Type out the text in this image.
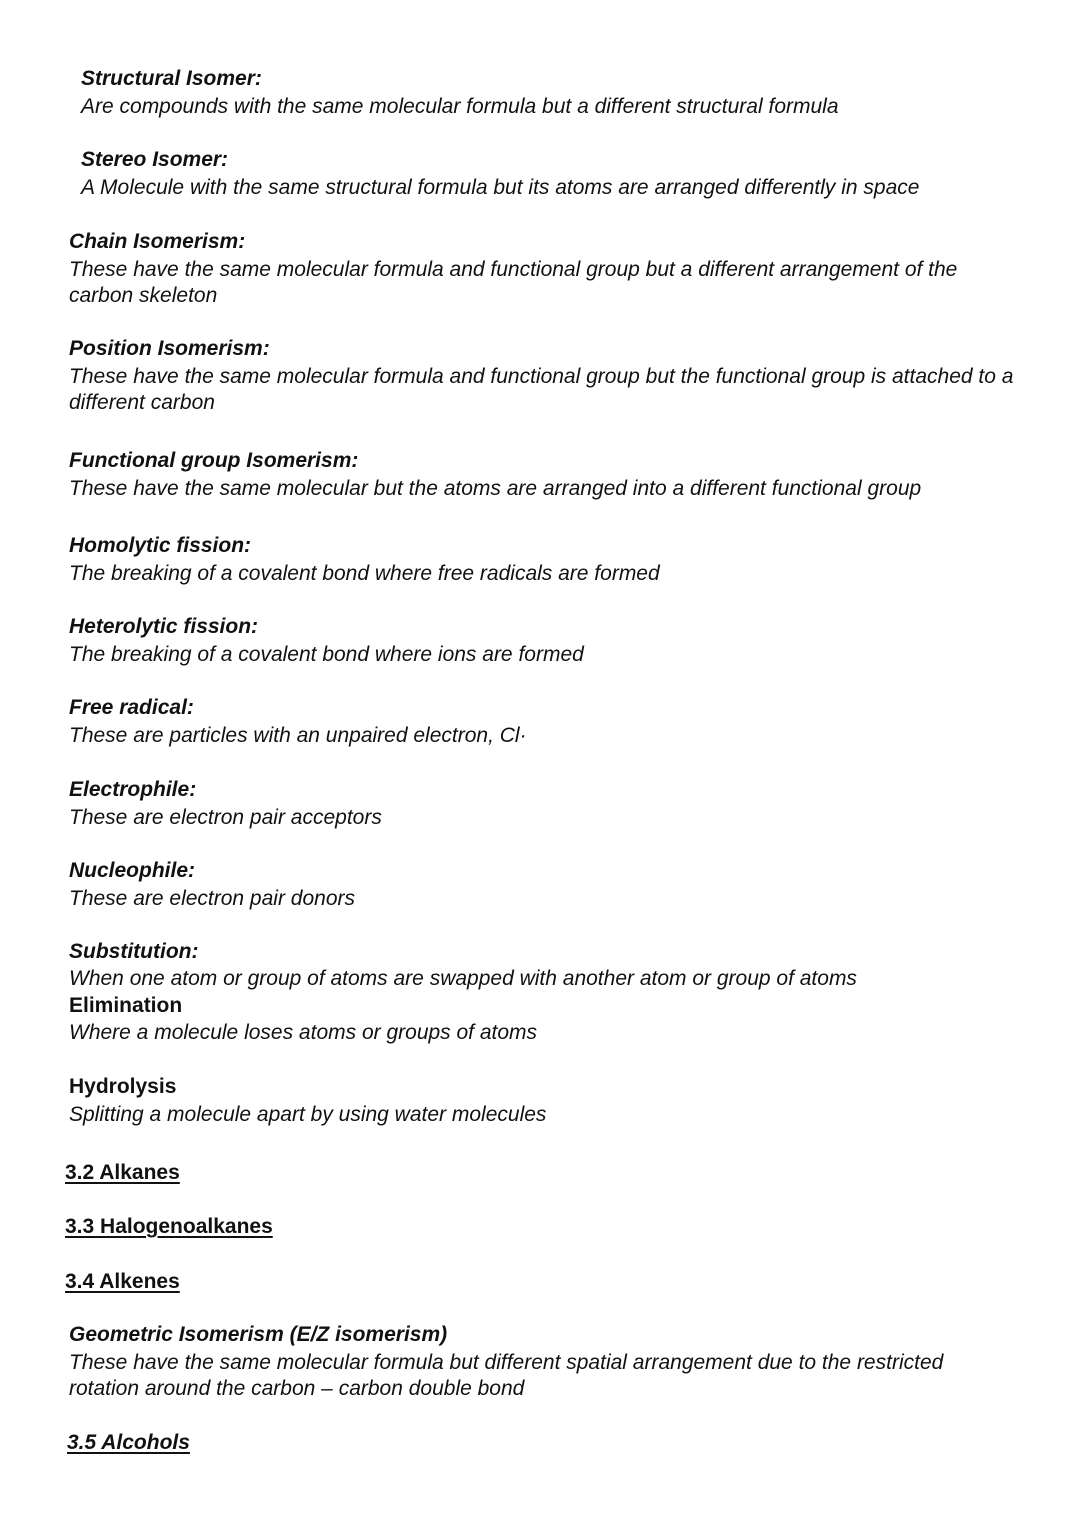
Structural Isomer:

Are compounds with the same molecular formula but a different structural formula

Stereo Isomer:

A Molecule with the same structural formula but its atoms are arranged differently in space

Chain Isomerism:

These have the same molecular formula and functional group but a different arrangement of the carbon skeleton

Position Isomerism:

These have the same molecular formula and functional group but the functional group is attached to a different carbon

Functional group Isomerism:

These have the same molecular but the atoms are arranged into a different functional group

Homolytic fission:

The breaking of a covalent bond where free radicals are formed

Heterolytic fission:

The breaking of a covalent bond where ions are formed

Free radical:

These are particles with an unpaired electron, Cl·

Electrophile:

These are electron pair acceptors

Nucleophile:

These are electron pair donors

Substitution:

When one atom or group of atoms are swapped with another atom or group of atoms

Elimination

Where a molecule loses atoms or groups of atoms

Hydrolysis

Splitting a molecule apart by using water molecules

3.2 Alkanes
3.3 Halogenoalkanes
3.4 Alkenes

Geometric Isomerism (E/Z isomerism)

These have the same molecular formula but different spatial arrangement due to the restricted rotation around the carbon – carbon double bond

3.5 Alcohols
